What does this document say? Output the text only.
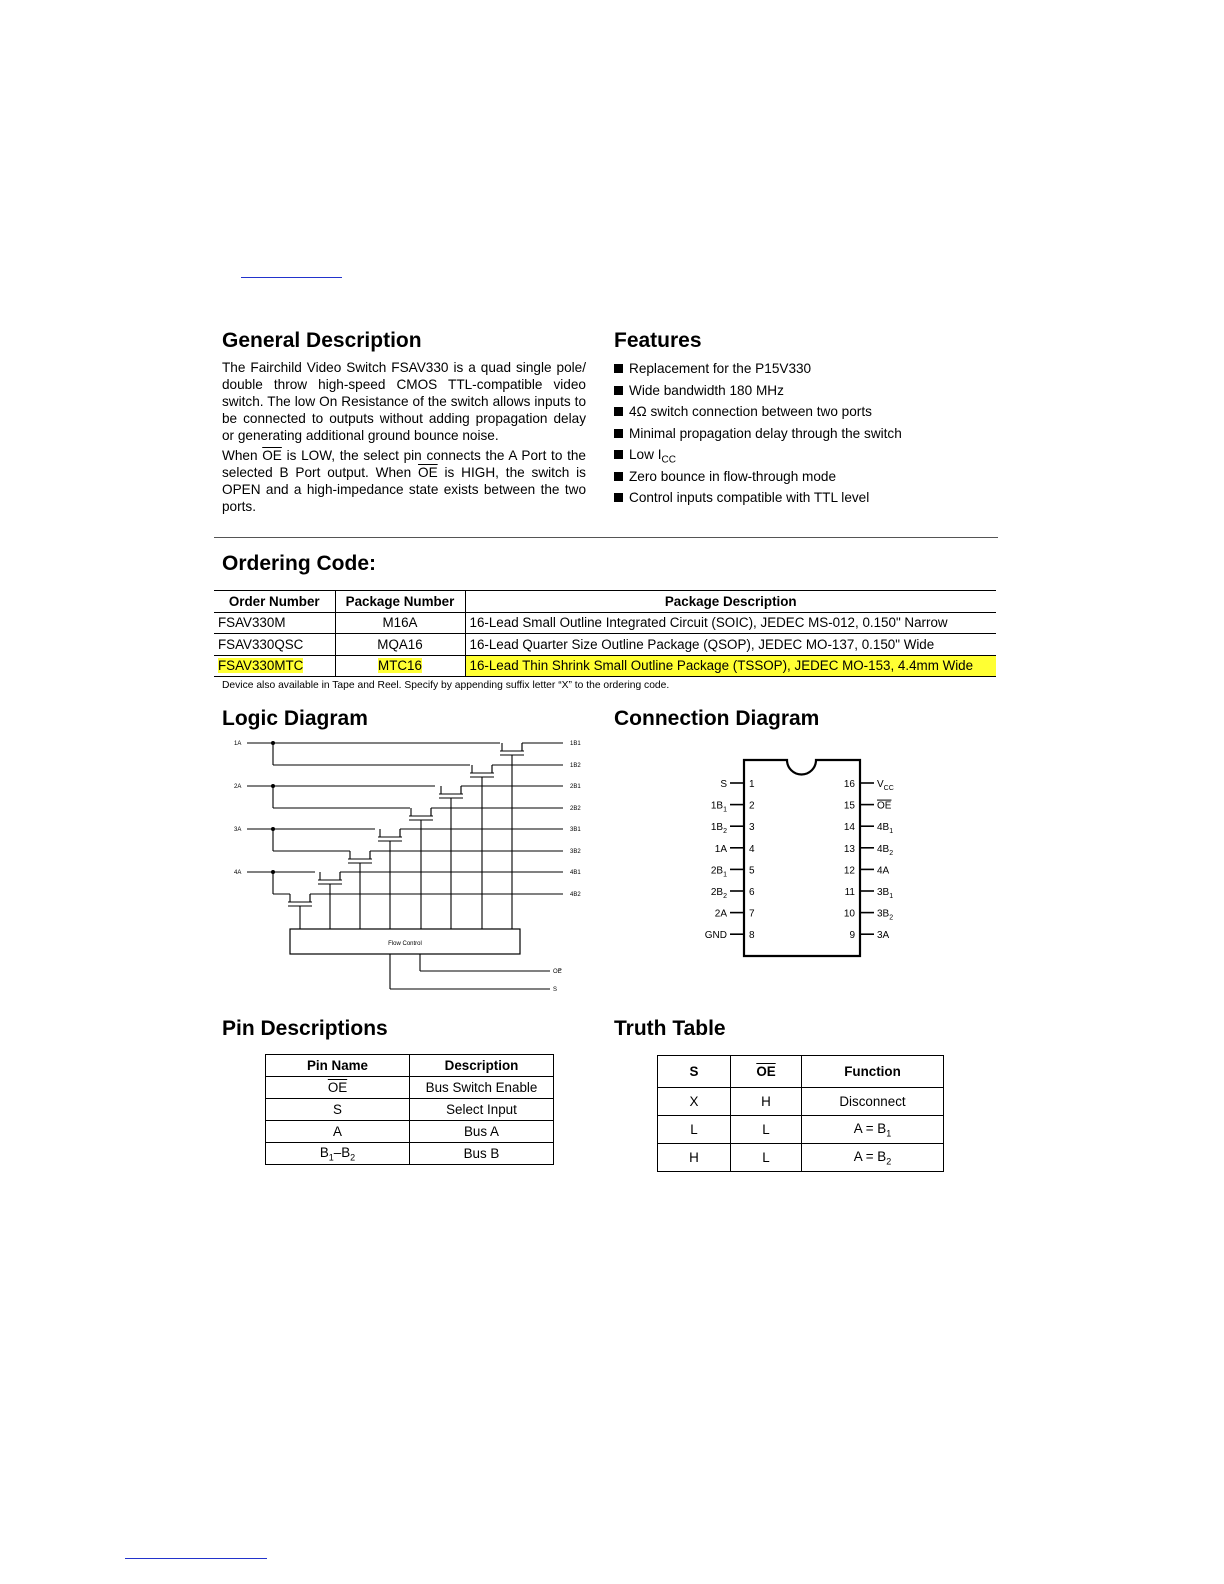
General Description

The Fairchild Video Switch FSAV330 is a quad single pole/ double throw high-speed CMOS TTL-compatible video switch. The low On Resistance of the switch allows inputs to be connected to outputs without adding propagation delay or generating additional ground bounce noise.

When $\overline{OE}$ is LOW, the select pin connects the A Port to the selected B Port output. When $\overline{OE}$ is HIGH, the switch is OPEN and a high-impedance state exists between the two ports.

Features
Replacement for the P15V330
Wide bandwidth 180 MHz
4Ω switch connection between two ports
Minimal propagation delay through the switch
Low $I_{CC}$
Zero bounce in flow-through mode
Control inputs compatible with TTL level
Ordering Code:
Order Number	Package Number	Package Description
FSAV330M	M16A	16-Lead Small Outline Integrated Circuit (SOIC), JEDEC MS-012, 0.150" Narrow
FSAV330QSC	MQA16	16-Lead Quarter Size Outline Package (QSOP), JEDEC MO-137, 0.150" Wide
FSAV330MTC	MTC16	16-Lead Thin Shrink Small Outline Package (TSSOP), JEDEC MO-153, 4.4mm Wide
Device also available in Tape and Reel. Specify by appending suffix letter “X” to the ordering code.
Logic Diagram
Flow Control
1A
2A
3A
4A
OE
S
1B1
1B2
2B1
2B2
3B1
3B2
4B1
4B2
Connection Diagram
1
S
2
$1B_1$
3
$1B_2$
4
1A
5
$2B_1$
6
$2B_2$
7
2A
8
GND
16 $V_{CC}$
15 OE
14 $4B_1$
13 $4B_2$
12 4A
11 $3B_1$
10 $3B_2$
9 3A
Pin Descriptions
Pin Name	Description
$\overline{OE}$	Bus Switch Enable
S	Select Input
A	Bus A
$B_1-B_2$	Bus B
Truth Table
S	$\overline{OE}$	Function
X	H	Disconnect
L	L	$A = B_1$
H	L	$A = B_2$
